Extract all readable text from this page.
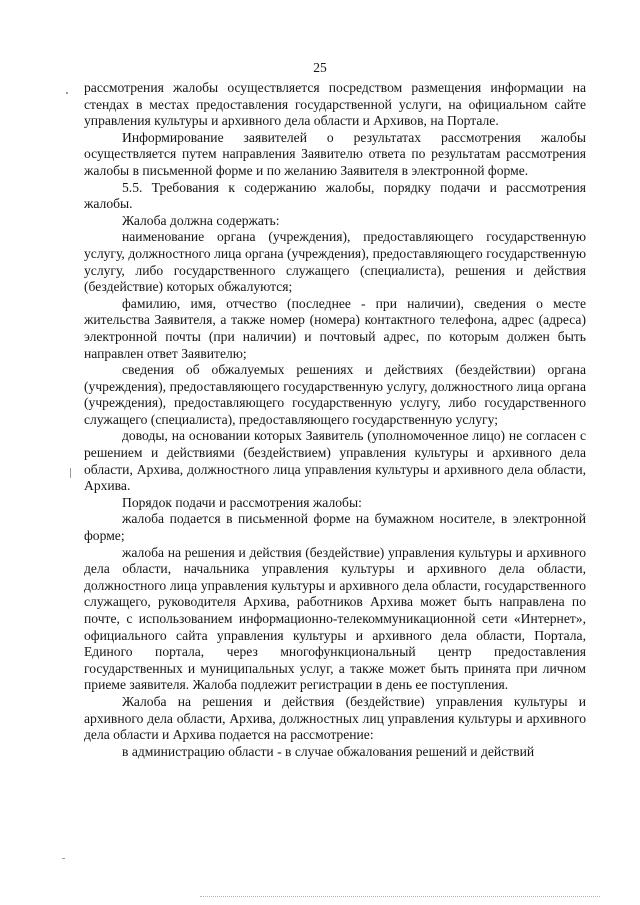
25

рассмотрения жалобы осуществляется посредством размещения информации на стендах в местах предоставления государственной услуги, на официальном сайте управления культуры и архивного дела области и Архивов, на Портале.

Информирование заявителей о результатах рассмотрения жалобы осуществляется путем направления Заявителю ответа по результатам рассмотрения жалобы в письменной форме и по желанию Заявителя в электронной форме.

5.5. Требования к содержанию жалобы, порядку подачи и рассмотрения жалобы.

Жалоба должна содержать:

наименование органа (учреждения), предоставляющего государственную услугу, должностного лица органа (учреждения), предоставляющего государственную услугу, либо государственного служащего (специалиста), решения и действия (бездействие) которых обжалуются;

фамилию, имя, отчество (последнее - при наличии), сведения о месте жительства Заявителя, а также номер (номера) контактного телефона, адрес (адреса) электронной почты (при наличии) и почтовый адрес, по которым должен быть направлен ответ Заявителю;

сведения об обжалуемых решениях и действиях (бездействии) органа (учреждения), предоставляющего государственную услугу, должностного лица органа (учреждения), предоставляющего государственную услугу, либо государственного служащего (специалиста), предоставляющего государственную услугу;

доводы, на основании которых Заявитель (уполномоченное лицо) не согласен с решением и действиями (бездействием) управления культуры и архивного дела области, Архива, должностного лица управления культуры и архивного дела области, Архива.

Порядок подачи и рассмотрения жалобы:

жалоба подается в письменной форме на бумажном носителе, в электронной форме;

жалоба на решения и действия (бездействие) управления культуры и архивного дела области, начальника управления культуры и архивного дела области, должностного лица управления культуры и архивного дела области, государственного служащего, руководителя Архива, работников Архива может быть направлена по почте, с использованием информационно-телекоммуникационной сети «Интернет», официального сайта управления культуры и архивного дела области, Портала, Единого портала, через многофункциональный центр предоставления государственных и муниципальных услуг, а также может быть принята при личном приеме заявителя. Жалоба подлежит регистрации в день ее поступления.

Жалоба на решения и действия (бездействие) управления культуры и архивного дела области, Архива, должностных лиц управления культуры и архивного дела области и Архива подается на рассмотрение:

в администрацию области - в случае обжалования решений и действий
